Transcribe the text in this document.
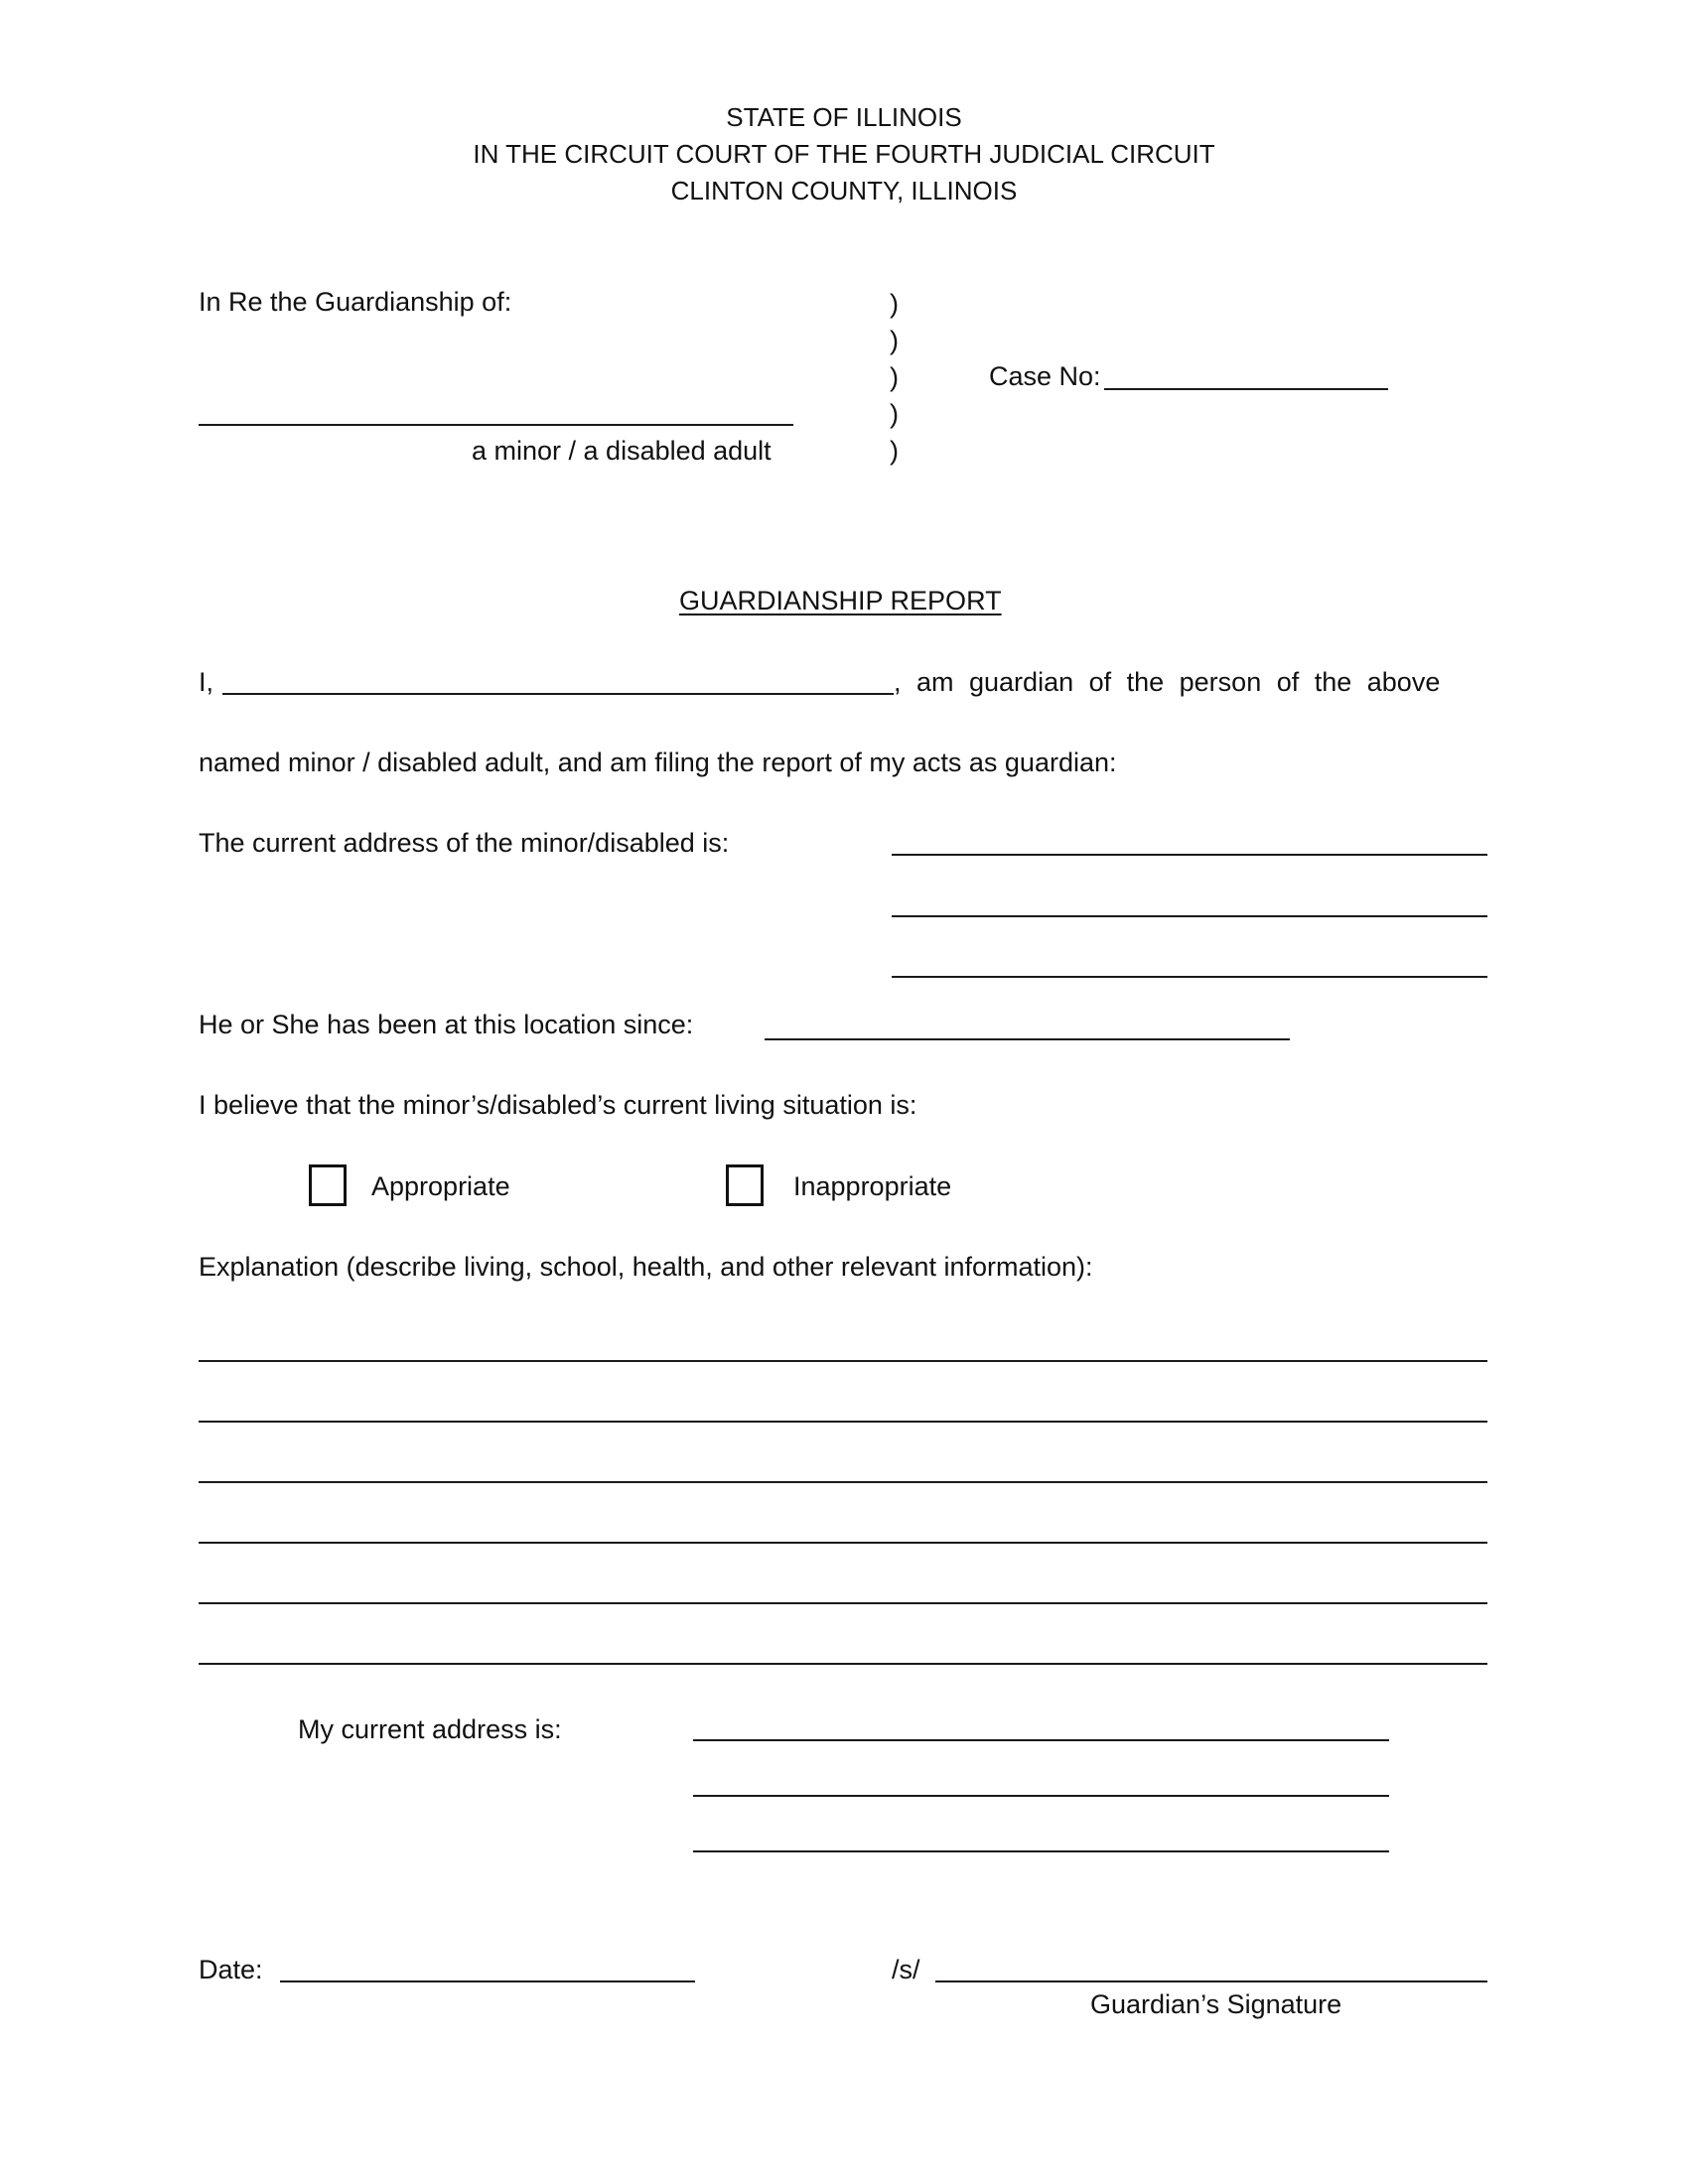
STATE OF ILLINOIS
IN THE CIRCUIT COURT OF THE FOURTH JUDICIAL CIRCUIT
CLINTON COUNTY, ILLINOIS
In Re the Guardianship of:
a minor / a disabled adult
)
)
)
)
)
Case No:
GUARDIANSHIP REPORT
I,	, am guardian of the person of the above
named minor / disabled adult, and am filing the report of my acts as guardian:
The current address of the minor/disabled is:
He or She has been at this location since:
I believe that the minor’s/disabled’s current living situation is:
Appropriate	Inappropriate
Explanation (describe living, school, health, and other relevant information):
My current address is:
Date:	/s/
Guardian’s Signature
